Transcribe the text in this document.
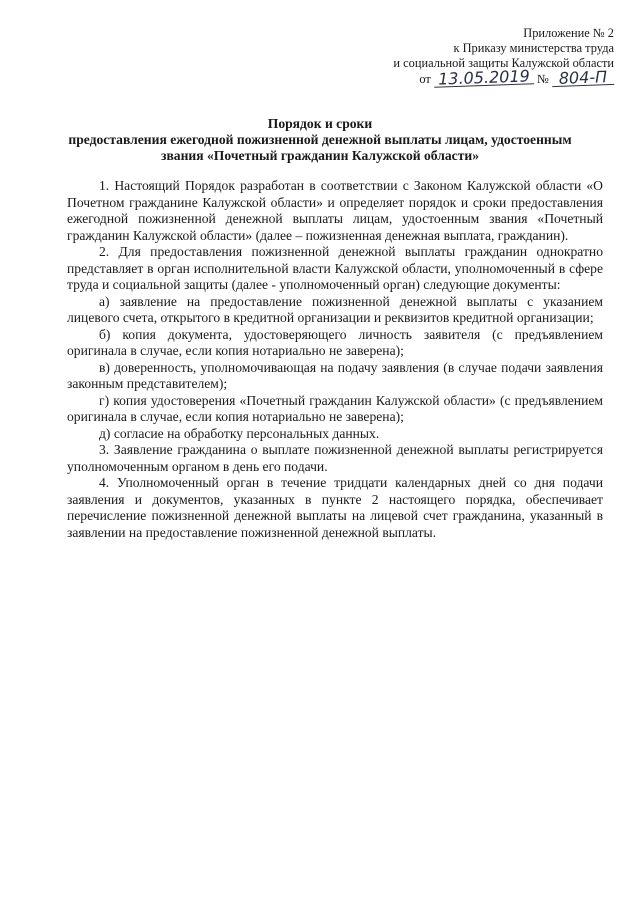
Приложение № 2
к Приказу министерства труда
и социальной защиты Калужской области
от 13.05.2019 № 804-П
Порядок и сроки
предоставления ежегодной пожизненной денежной выплаты лицам, удостоенным
звания «Почетный гражданин Калужской области»

1. Настоящий Порядок разработан в соответствии с Законом Калужской области «О Почетном гражданине Калужской области» и определяет порядок и сроки предоставления ежегодной пожизненной денежной выплаты лицам, удостоенным звания «Почетный гражданин Калужской области» (далее – пожизненная денежная выплата, гражданин).

2. Для предоставления пожизненной денежной выплаты гражданин однократно представляет в орган исполнительной власти Калужской области, уполномоченный в сфере труда и социальной защиты (далее - уполномоченный орган) следующие документы:

а) заявление на предоставление пожизненной денежной выплаты с указанием лицевого счета, открытого в кредитной организации и реквизитов кредитной организации;

б) копия документа, удостоверяющего личность заявителя (с предъявлением оригинала в случае, если копия нотариально не заверена);

в) доверенность, уполномочивающая на подачу заявления (в случае подачи заявления законным представителем);

г) копия удостоверения «Почетный гражданин Калужской области» (с предъявлением оригинала в случае, если копия нотариально не заверена);

д) согласие на обработку персональных данных.

3. Заявление гражданина о выплате пожизненной денежной выплаты регистрируется уполномоченным органом в день его подачи.

4. Уполномоченный орган в течение тридцати календарных дней со дня подачи заявления и документов, указанных в пункте 2 настоящего порядка, обеспечивает перечисление пожизненной денежной выплаты на лицевой счет гражданина, указанный в заявлении на предоставление пожизненной денежной выплаты.
